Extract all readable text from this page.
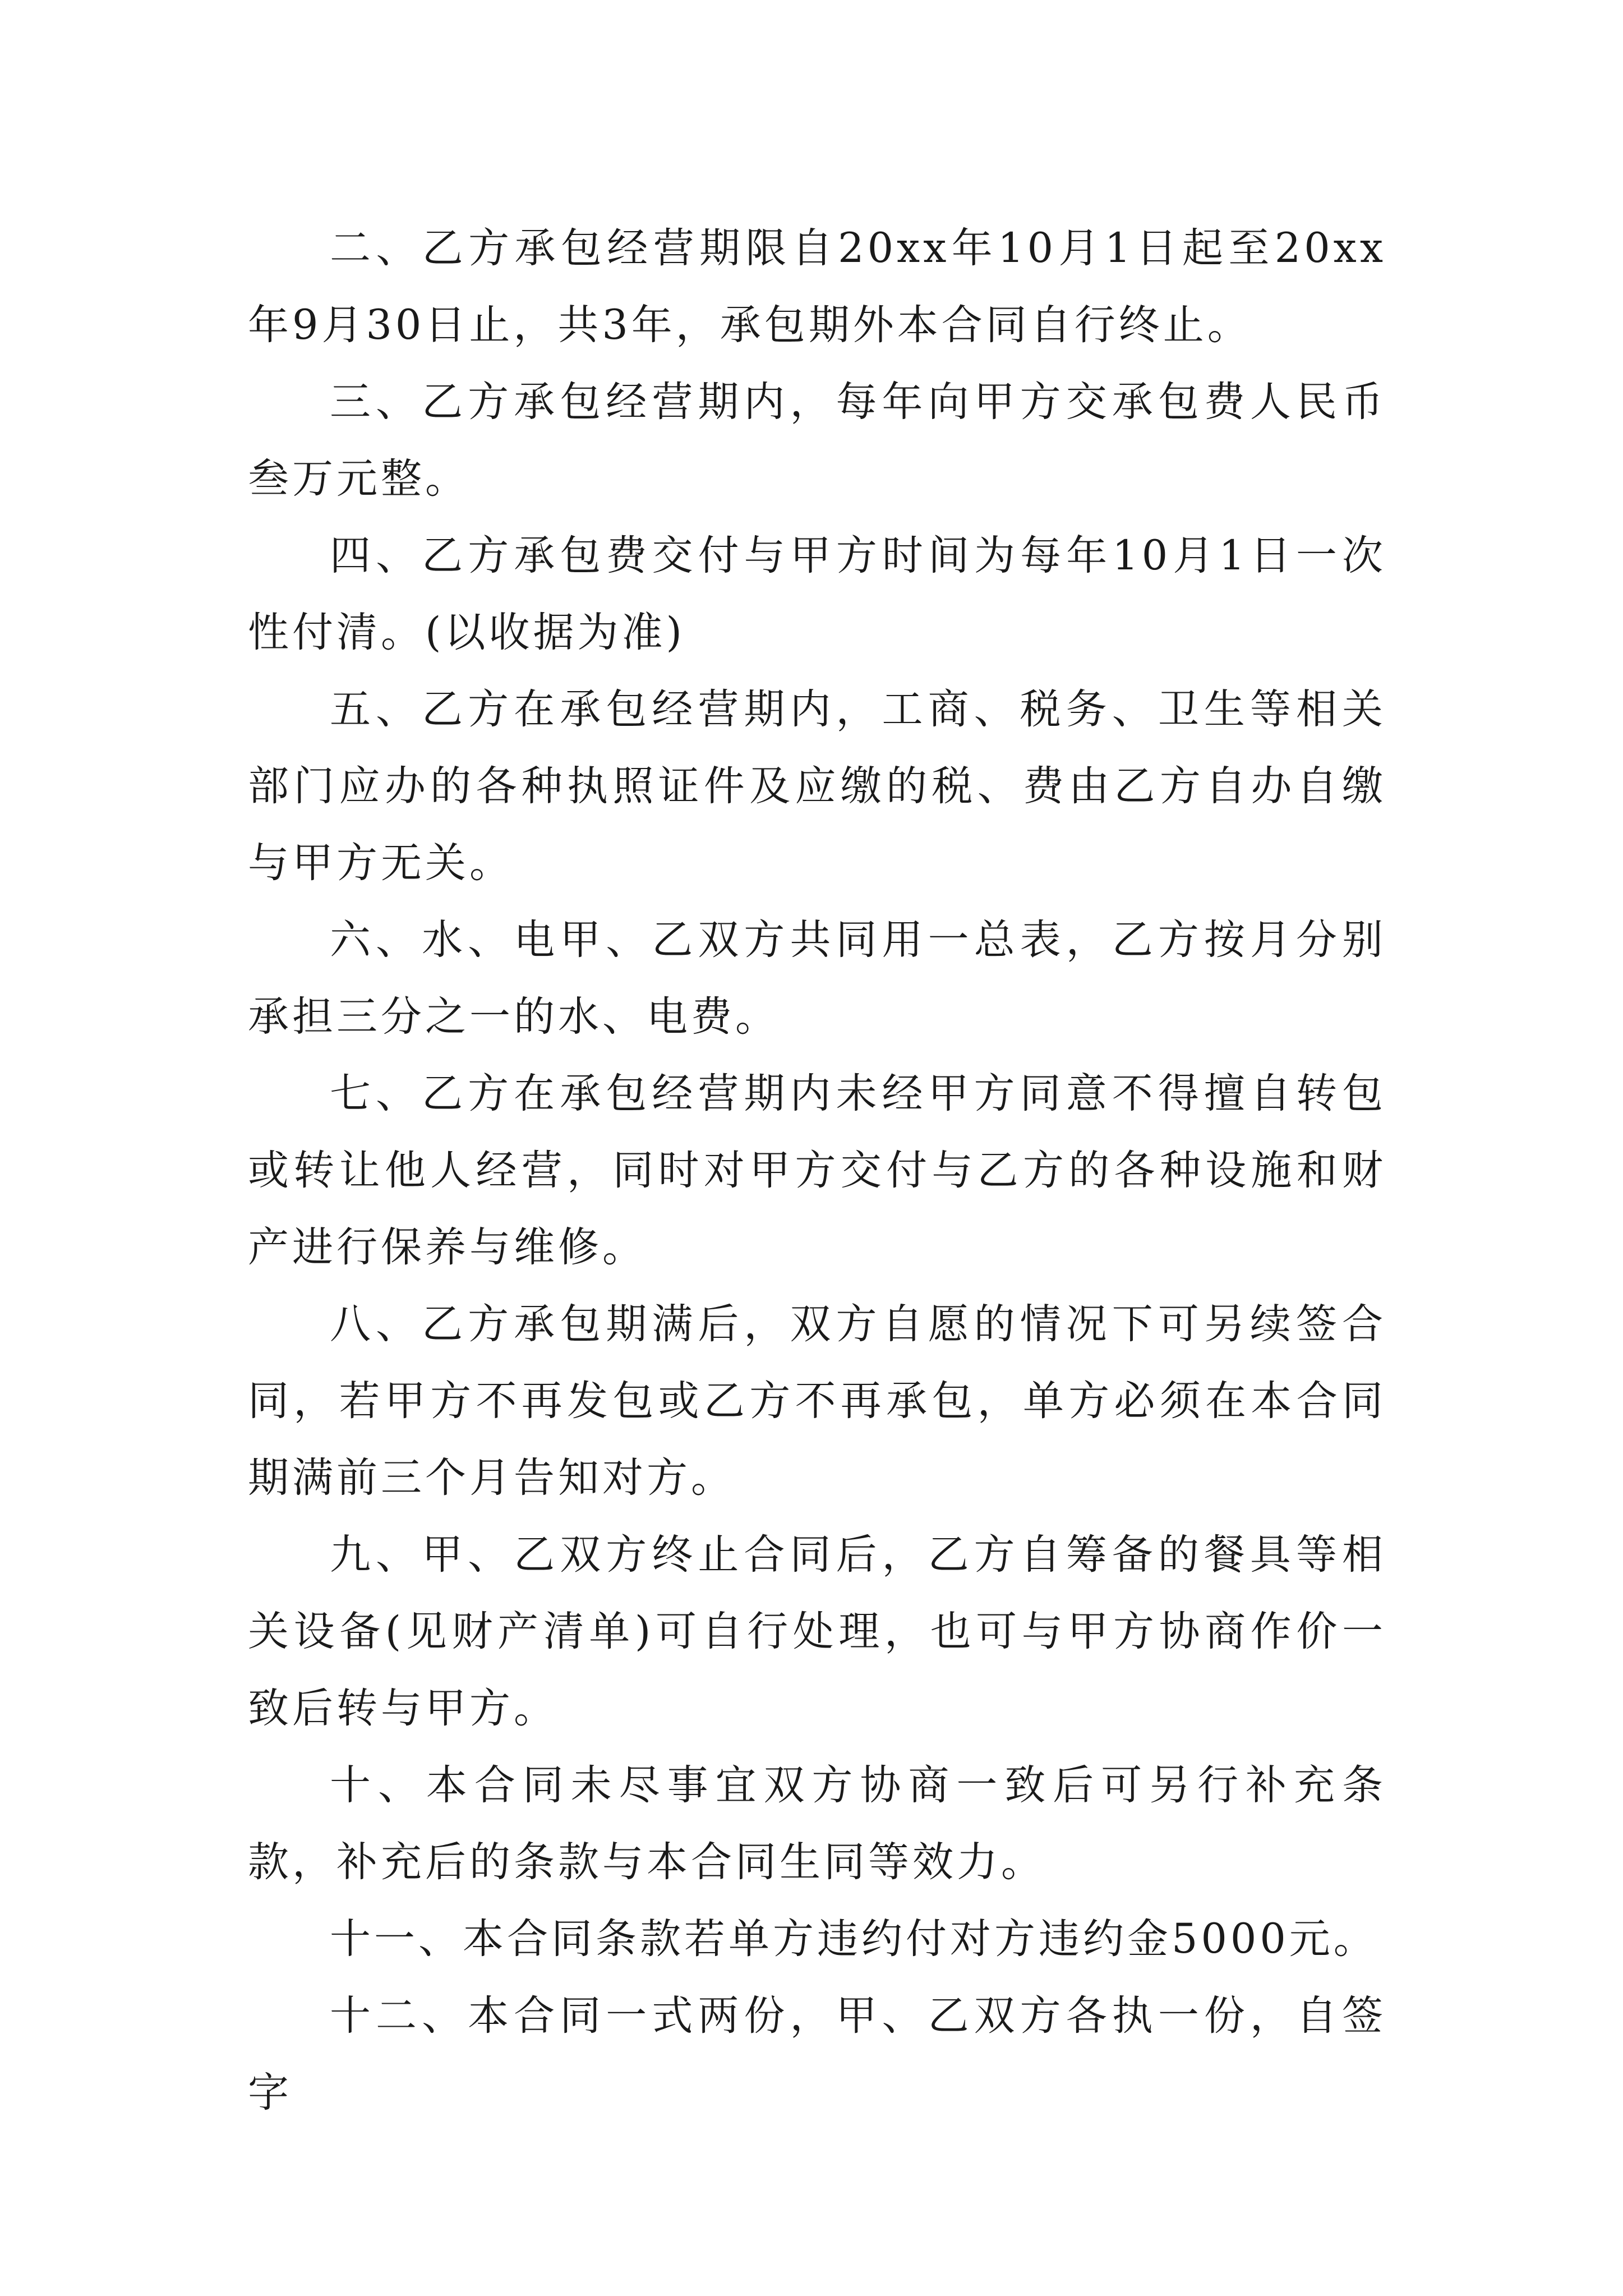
二、乙方承包经营期限自20xx年10月1日起至20xx年9月30日止，共3年，承包期外本合同自行终止。

三、乙方承包经营期内，每年向甲方交承包费人民币叁万元整。

四、乙方承包费交付与甲方时间为每年10月1日一次性付清。(以收据为准)

五、乙方在承包经营期内，工商、税务、卫生等相关部门应办的各种执照证件及应缴的税、费由乙方自办自缴与甲方无关。

六、水、电甲、乙双方共同用一总表，乙方按月分别承担三分之一的水、电费。

七、乙方在承包经营期内未经甲方同意不得擅自转包或转让他人经营，同时对甲方交付与乙方的各种设施和财产进行保养与维修。

八、乙方承包期满后，双方自愿的情况下可另续签合同，若甲方不再发包或乙方不再承包，单方必须在本合同期满前三个月告知对方。

九、甲、乙双方终止合同后，乙方自筹备的餐具等相关设备(见财产清单)可自行处理，也可与甲方协商作价一致后转与甲方。

十、本合同未尽事宜双方协商一致后可另行补充条款，补充后的条款与本合同生同等效力。

十一、本合同条款若单方违约付对方违约金5000元。

十二、本合同一式两份，甲、乙双方各执一份，自签字
